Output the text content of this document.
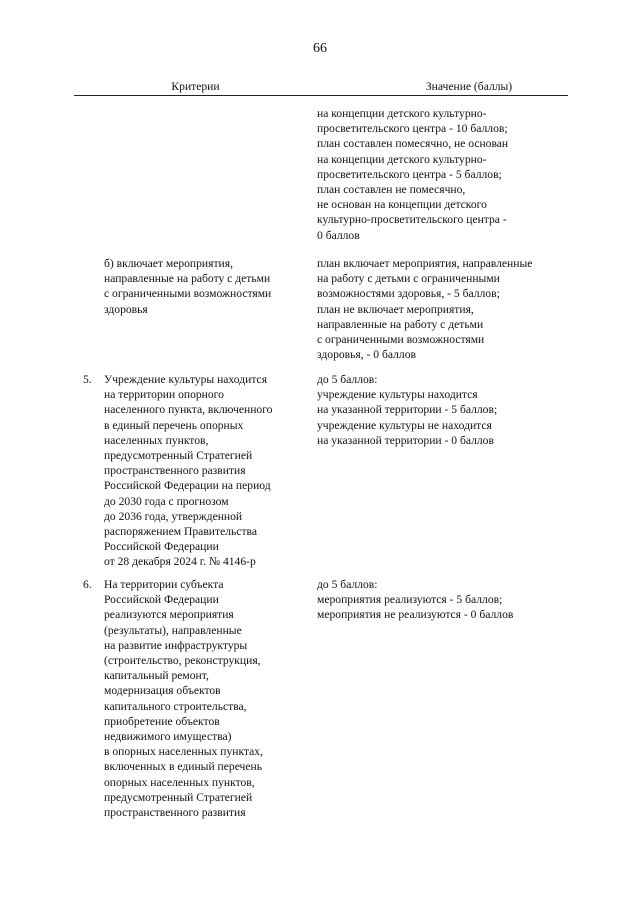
66
Критерии	Значение (баллы)
на концепции детского культурно-
просветительского центра - 10 баллов;
план составлен помесячно, не основан
на концепции детского культурно-
просветительского центра - 5 баллов;
план составлен не помесячно,
не основан на концепции детского
культурно-просветительского центра -
0 баллов
б) включает мероприятия,
направленные на работу с детьми
с ограниченными возможностями
здоровья
план включает мероприятия, направленные
на работу с детьми с ограниченными
возможностями здоровья, - 5 баллов;
план не включает мероприятия,
направленные на работу с детьми
с ограниченными возможностями
здоровья, - 0 баллов
5. Учреждение культуры находится
на территории опорного
населенного пункта, включенного
в единый перечень опорных
населенных пунктов,
предусмотренный Стратегией
пространственного развития
Российской Федерации на период
до 2030 года с прогнозом
до 2036 года, утвержденной
распоряжением Правительства
Российской Федерации
от 28 декабря 2024 г. № 4146-р
до 5 баллов:
учреждение культуры находится
на указанной территории - 5 баллов;
учреждение культуры не находится
на указанной территории - 0 баллов
6. На территории субъекта
Российской Федерации
реализуются мероприятия
(результаты), направленные
на развитие инфраструктуры
(строительство, реконструкция,
капитальный ремонт,
модернизация объектов
капитального строительства,
приобретение объектов
недвижимого имущества)
в опорных населенных пунктах,
включенных в единый перечень
опорных населенных пунктов,
предусмотренный Стратегией
пространственного развития
до 5 баллов:
мероприятия реализуются - 5 баллов;
мероприятия не реализуются - 0 баллов
